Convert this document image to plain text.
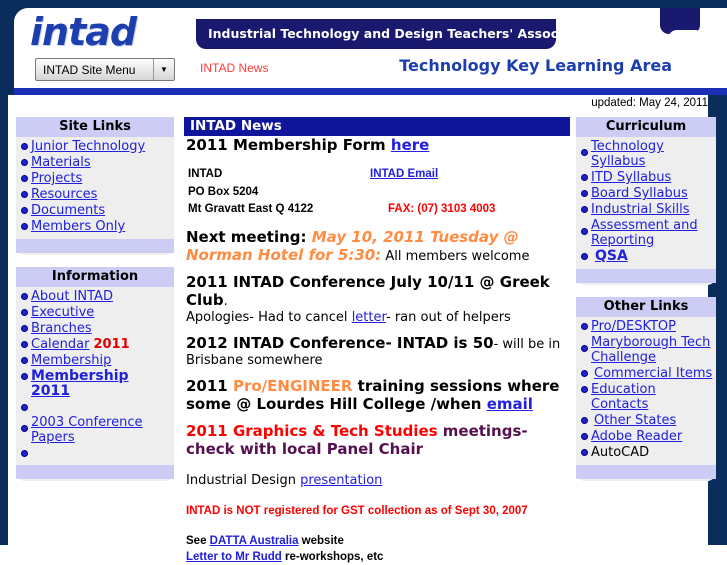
intad	Industrial Technology and Design Teachers' Association
INTAD Site Menu	▼	INTAD News	Technology Key Learning Area
updated: May 24, 2011
Site Links
Junior Technology
Materials
Projects
Resources
Documents
Members Only
Information
About INTAD
Executive
Branches
Calendar 2011
Membership
Membership 2011
2003 Conference Papers
INTAD News

2011 Membership Form here

INTAD	INTAD Email
PO Box 5204	
Mt Gravatt East Q 4122	FAX: (07) 3103 4003

Next meeting: May 10, 2011 Tuesday @ Norman Hotel for 5:30: All members welcome

2011 INTAD Conference July 10/11 @ Greek Club.
Apologies- Had to cancel letter- ran out of helpers

2012 INTAD Conference- INTAD is 50- will be in Brisbane somewhere

2011 Pro/ENGINEER training sessions where some @ Lourdes Hill College /when email

2011 Graphics & Tech Studies meetings- check with local Panel Chair

Industrial Design presentation

INTAD is NOT registered for GST collection as of Sept 30, 2007

See DATTA Australia website

Letter to Mr Rudd re-workshops, etc

Curriculum
Technology Syllabus
ITD Syllabus
Board Syllabus
Industrial Skills
Assessment and Reporting
QSA
Other Links
Pro/DESKTOP
Maryborough Tech Challenge
Commercial Items
Education Contacts
Other States
Adobe Reader
AutoCAD
